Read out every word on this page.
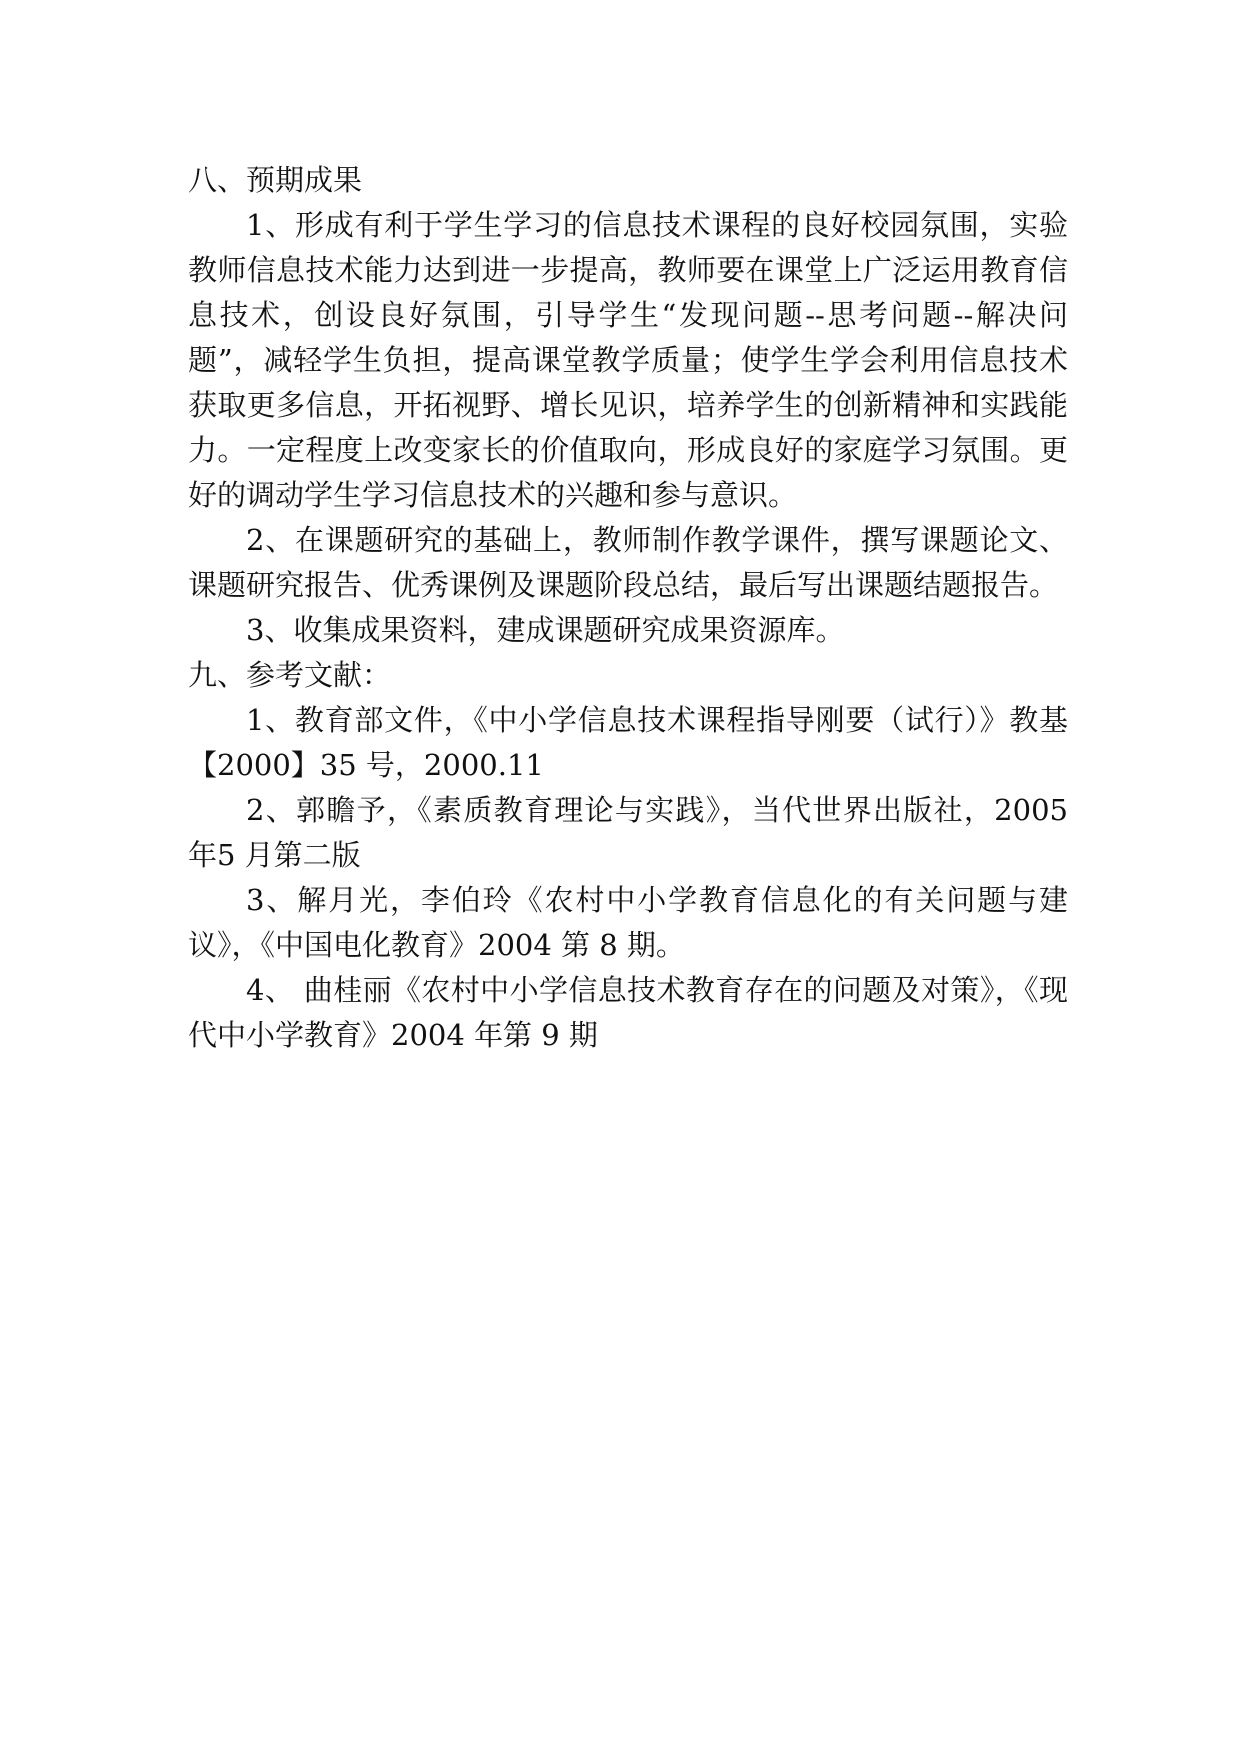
八、预期成果

1、形成有利于学生学习的信息技术课程的良好校园氛围，实验教师信息技术能力达到进一步提高，教师要在课堂上广泛运用教育信息技术，创设良好氛围，引导学生“发现问题--思考问题--解决问题”，减轻学生负担，提高课堂教学质量；使学生学会利用信息技术获取更多信息，开拓视野、增长见识，培养学生的创新精神和实践能力。一定程度上改变家长的价值取向，形成良好的家庭学习氛围。更好的调动学生学习信息技术的兴趣和参与意识。

2、在课题研究的基础上，教师制作教学课件，撰写课题论文、课题研究报告、优秀课例及课题阶段总结，最后写出课题结题报告。

3、收集成果资料，建成课题研究成果资源库。

九、参考文献：

1、教育部文件，《中小学信息技术课程指导刚要（试行）》教基【2000】35 号，2000.11

2、郭瞻予，《素质教育理论与实践》，当代世界出版社，2005 年5 月第二版

3、解月光，李伯玲《农村中小学教育信息化的有关问题与建议》，《中国电化教育》2004 第 8 期。

4、 曲桂丽《农村中小学信息技术教育存在的问题及对策》，《现代中小学教育》2004 年第 9 期
